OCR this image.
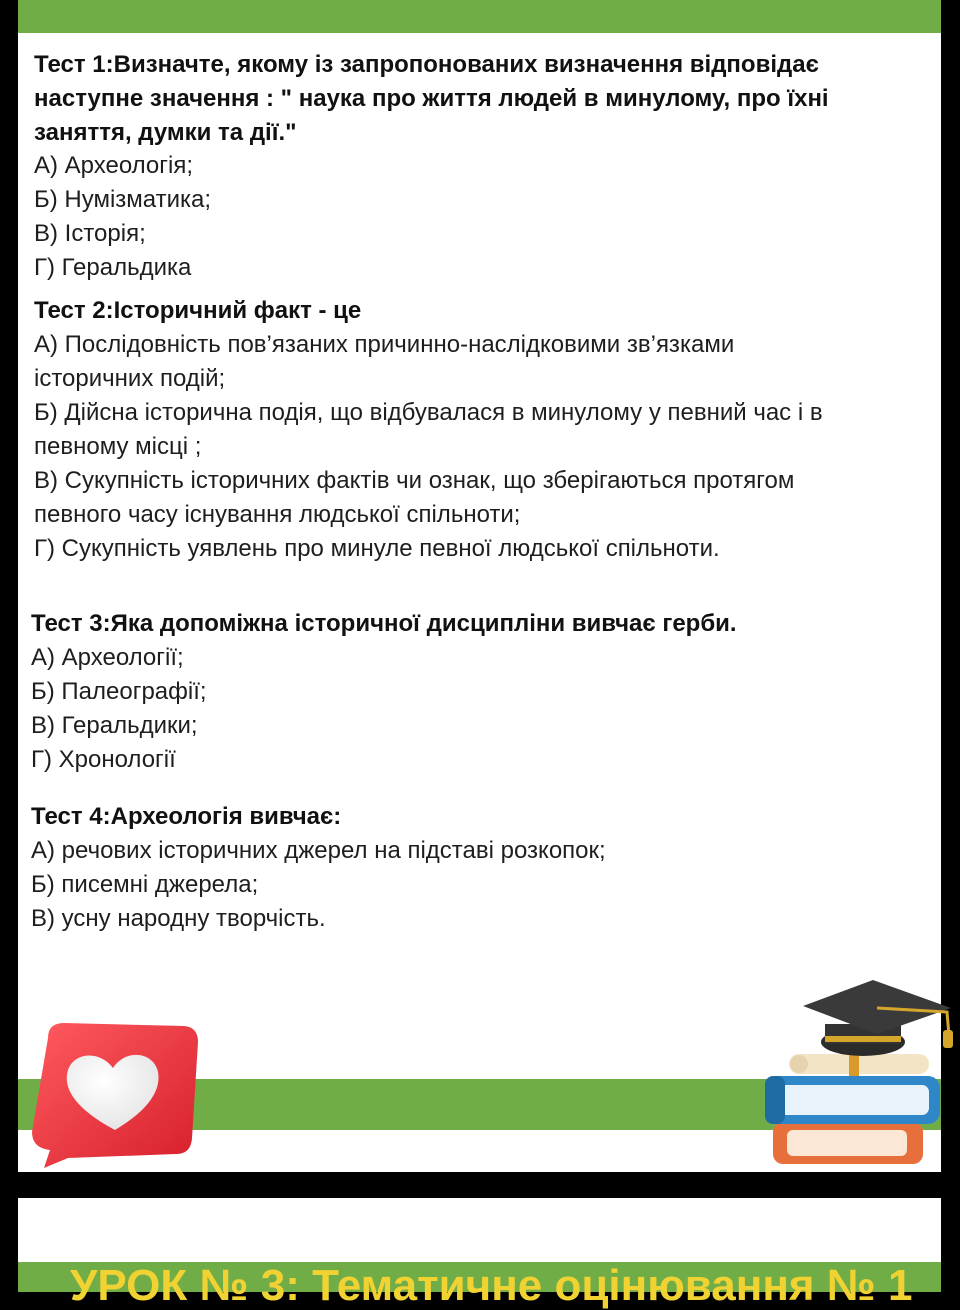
Тест 1:Визначте, якому із запропонованих визначення відповідає
наступне значення : " наука про життя людей в минулому, про їхні
заняття, думки та дії."
А) Археологія;
Б) Нумізматика;
В) Історія;
Г) Геральдика
Тест 2:Історичний факт - це
А) Послідовність пов’язаних причинно-наслідковими зв’язками
історичних подій;
Б) Дійсна історична подія, що відбувалася в минулому у певний час і в
певному місці ;
В) Сукупність історичних фактів чи ознак, що зберігаються протягом
певного часу існування людської спільноти;
Г) Сукупність уявлень про минуле певної людської спільноти.
Тест 3:Яка допоміжна історичної дисципліни вивчає герби.
А) Археології;
Б) Палеографії;
В) Геральдики;
Г) Хронології
Тест 4:Археологія вивчає:
А) речових історичних джерел на підставі розкопок;
Б) писемні джерела;
В) усну народну творчість.
УРОК № 3: Тематичне оцінювання № 1
